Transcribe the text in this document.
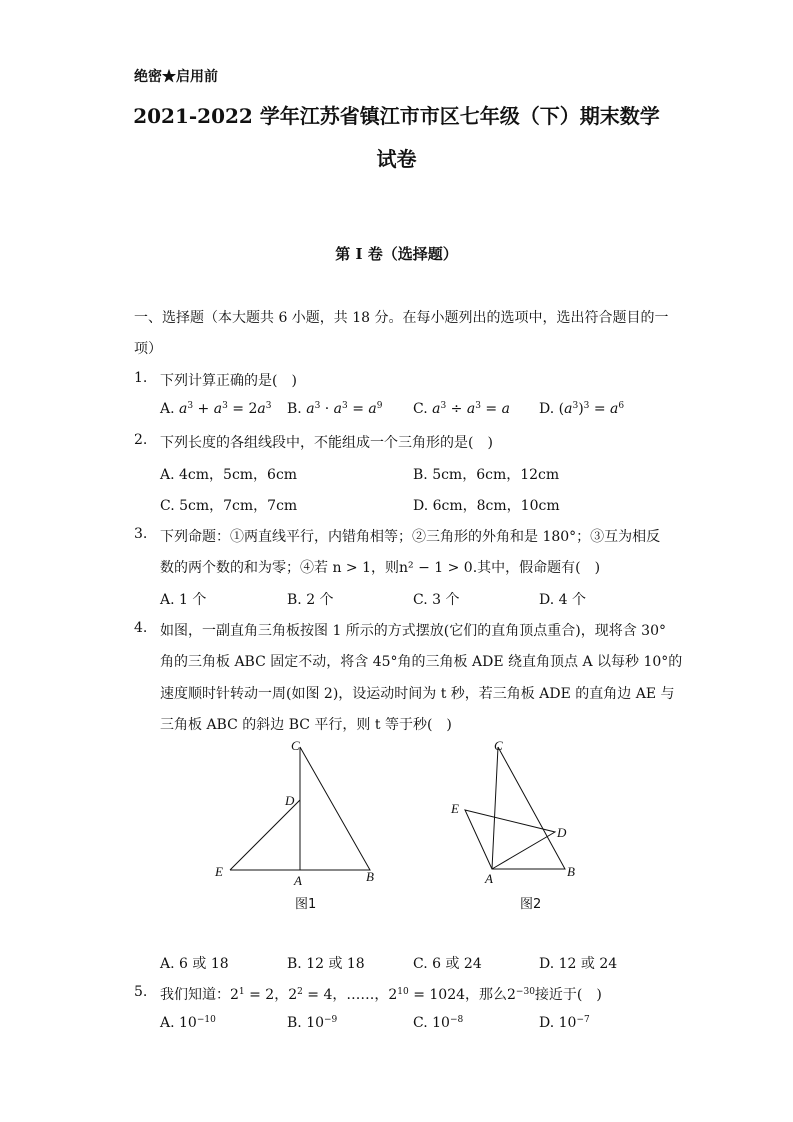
绝密★启用前
2021-2022 学年江苏省镇江市市区七年级（下）期末数学
试卷
第 I 卷（选择题）
一、选择题（本大题共 6 小题，共 18 分。在每小题列出的选项中，选出符合题目的一
项）
1. 下列计算正确的是(　)
A. $a^3 + a^3 = 2a^3$ B. $a^3 \cdot a^3 = a^9$ C. $a^3 \div a^3 = a$ D. $(a^3)^3 = a^6$
2. 下列长度的各组线段中，不能组成一个三角形的是(　)
A. 4cm，5cm，6cm	B. 5cm，6cm，12cm
C. 5cm，7cm，7cm	D. 6cm，8cm，10cm
3. 下列命题：①两直线平行，内错角相等；②三角形的外角和是 180°；③互为相反
数的两个数的和为零；④若 n > 1，则n² − 1 > 0.其中，假命题有(　)
A. 1 个	B. 2 个	C. 3 个	D. 4 个
4. 如图，一副直角三角板按图 1 所示的方式摆放(它们的直角顶点重合)，现将含 30°
角的三角板 ABC 固定不动，将含 45°角的三角板 ADE 绕直角顶点 A 以每秒 10°的
速度顺时针转动一周(如图 2)，设运动时间为 t 秒，若三角板 ADE 的直角边 AE 与
三角板 ABC 的斜边 BC 平行，则 t 等于秒(　)
C
D
E
A	B
图1
C
E
D
A	B
图2
A. 6 或 18	B. 12 或 18	C. 6 或 24	D. 12 或 24
5. 我们知道：$2^1 = 2$，$2^2 = 4$，……，$2^{10} = 1024$，那么$2^{-30}$接近于(　)
A. $10^{-10}$	B. $10^{-9}$	C. $10^{-8}$	D. $10^{-7}$
